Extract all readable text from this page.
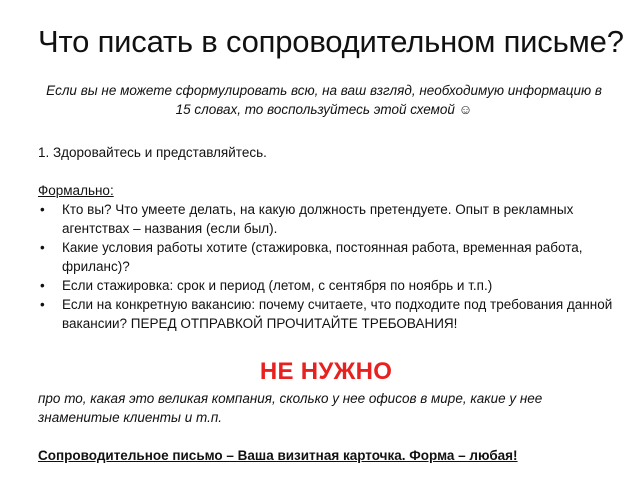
Что писать в сопроводительном письме?

Если вы не можете сформулировать всю, на ваш взгляд, необходимую информацию в 15 словах, то воспользуйтесь этой схемой ☺

1. Здоровайтесь и представляйтесь.

Формально:

• Кто вы? Что умеете делать, на какую должность претендуете. Опыт в рекламных агентствах – названия (если был).
• Какие условия работы хотите (стажировка, постоянная работа, временная работа, фриланс)?
• Если стажировка: срок и период (летом, с сентября по ноябрь и т.п.)
• Если на конкретную вакансию: почему считаете, что подходите под требования данной вакансии? ПЕРЕД ОТПРАВКОЙ ПРОЧИТАЙТЕ ТРЕБОВАНИЯ!

НЕ НУЖНО

про то, какая это великая компания, сколько у нее офисов в мире, какие у нее знаменитые клиенты и т.п.

Сопроводительное письмо – Ваша визитная карточка. Форма – любая!
